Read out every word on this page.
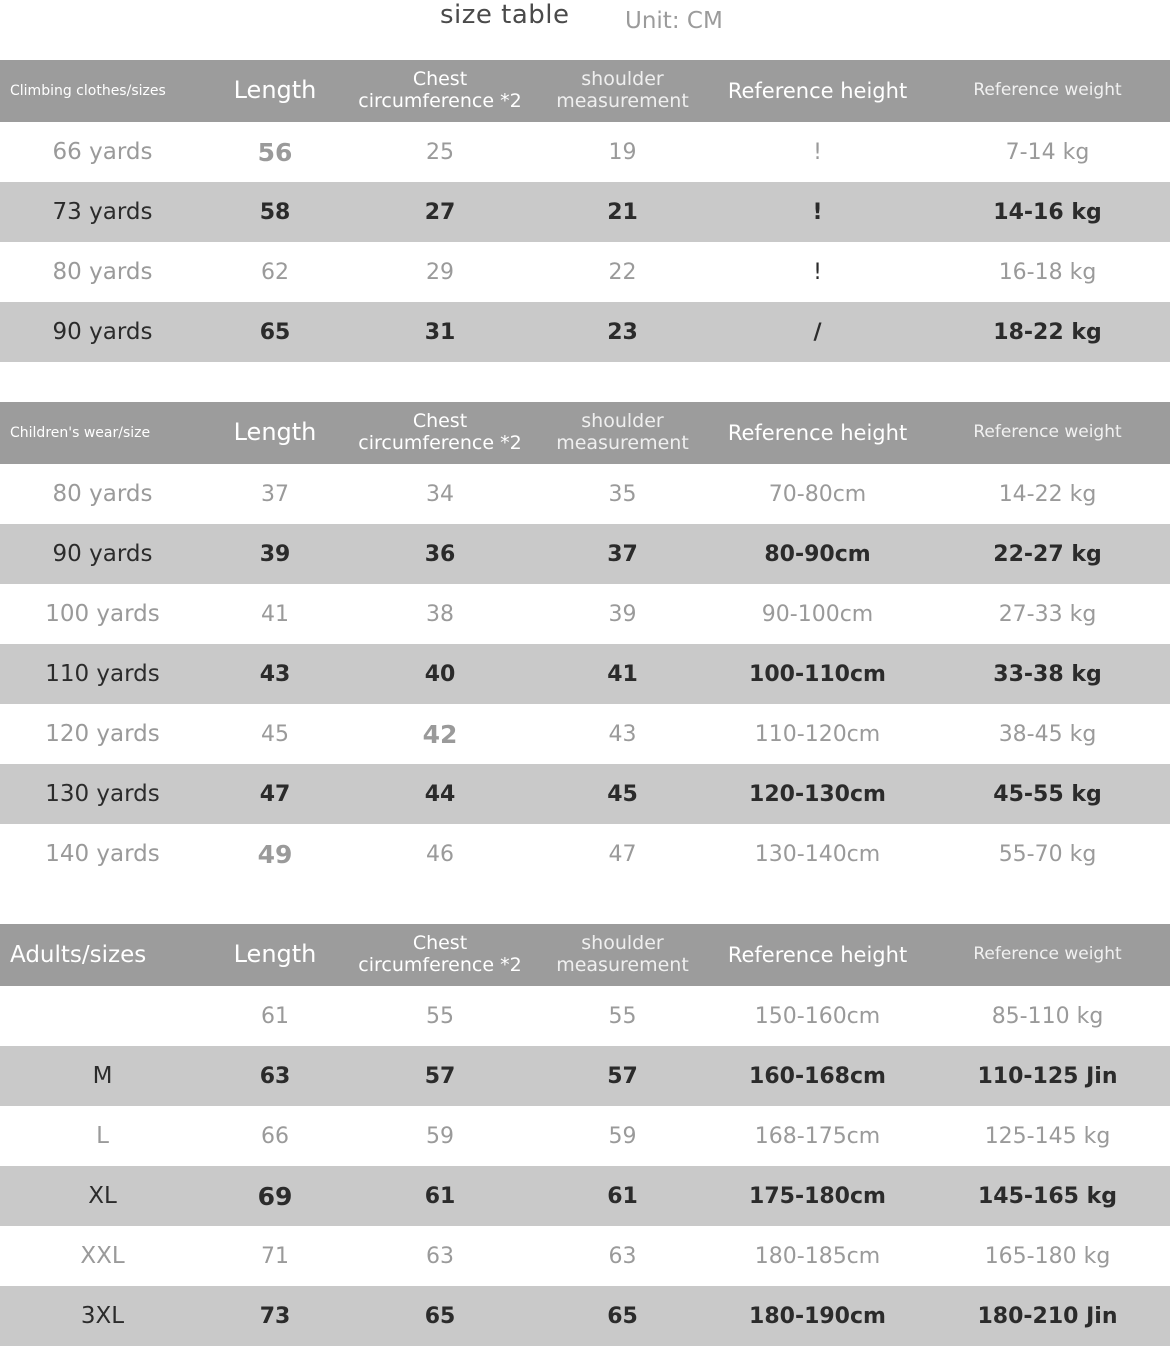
size table Unit: CM
Climbing clothes/sizes	Length	Chest circumference *2	shoulder measurement	Reference height	Reference weight
66 yards	56	25	19	!	7-14 kg
73 yards	58	27	21	!	14-16 kg
80 yards	62	29	22	!	16-18 kg
90 yards	65	31	23	/	18-22 kg
Children's wear/size	Length	Chest circumference *2	shoulder measurement	Reference height	Reference weight
80 yards	37	34	35	70-80cm	14-22 kg
90 yards	39	36	37	80-90cm	22-27 kg
100 yards	41	38	39	90-100cm	27-33 kg
110 yards	43	40	41	100-110cm	33-38 kg
120 yards	45	42	43	110-120cm	38-45 kg
130 yards	47	44	45	120-130cm	45-55 kg
140 yards	49	46	47	130-140cm	55-70 kg
Adults/sizes	Length	Chest circumference *2	shoulder measurement	Reference height	Reference weight
	61	55	55	150-160cm	85-110 kg
M	63	57	57	160-168cm	110-125 Jin
L	66	59	59	168-175cm	125-145 kg
XL	69	61	61	175-180cm	145-165 kg
XXL	71	63	63	180-185cm	165-180 kg
3XL	73	65	65	180-190cm	180-210 Jin
